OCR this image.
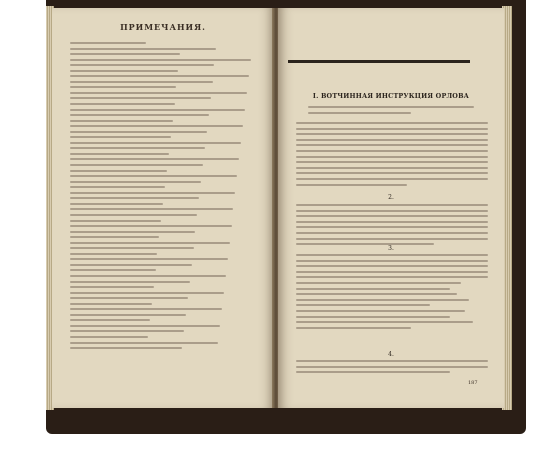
ПРИМЕЧАНИЯ.
I. ВОТЧИННАЯ ИНСТРУКЦИЯ ОРЛОВА
2.
3.
4.
187
